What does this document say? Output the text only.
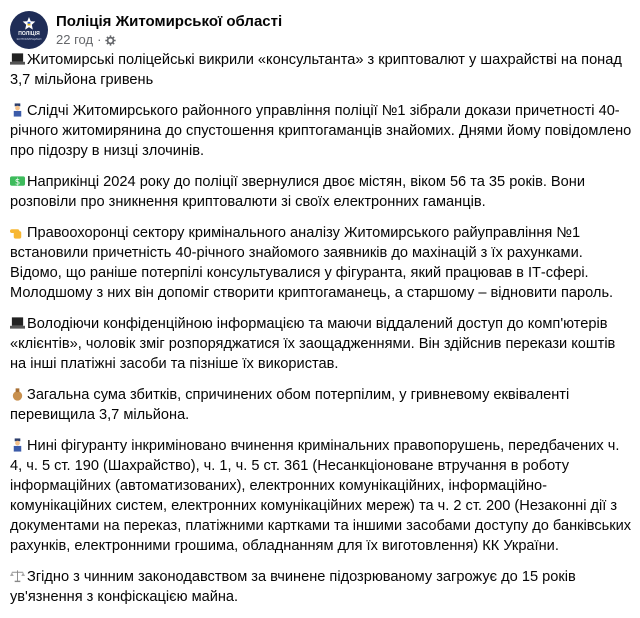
ПОЛІЦІЯ
ЖИТОМИРЩИНИ
Поліція Житомирської області
22 год ·

Житомирські поліцейські викрили «консультанта» з криптовалют у шахрайстві на понад 3,7 мільйона гривень

Слідчі Житомирського районного управління поліції №1 зібрали докази причетності 40-річного житомирянина до спустошення криптогаманців знайомих. Днями йому повідомлено про підозру в низці злочинів.

$ Наприкінці 2024 року до поліції звернулися двоє містян, віком 56 та 35 років. Вони розповіли про зникнення криптовалюти зі своїх електронних гаманців.

Правоохоронці сектору кримінального аналізу Житомирського райуправління №1 встановили причетність 40-річного знайомого заявників до махінацій з їх рахунками. Відомо, що раніше потерпілі консультувалися у фігуранта, який працював в ІТ-сфері. Молодшому з них він допоміг створити криптогаманець, а старшому – відновити пароль.

Володіючи конфіденційною інформацією та маючи віддалений доступ до комп'ютерів «клієнтів», чоловік зміг розпоряджатися їх заощадженнями. Він здійснив перекази коштів на інші платіжні засоби та пізніше їх використав.

Загальна сума збитків, спричинених обом потерпілим, у гривневому еквіваленті перевищила 3,7 мільйона.

Нині фігуранту інкриміновано вчинення кримінальних правопорушень, передбачених ч. 4, ч. 5 ст. 190 (Шахрайство), ч. 1, ч. 5 ст. 361 (Несанкціоноване втручання в роботу інформаційних (автоматизованих), електронних комунікаційних, інформаційно-комунікаційних систем, електронних комунікаційних мереж) та ч. 2 ст. 200 (Незаконні дії з документами на переказ, платіжними картками та іншими засобами доступу до банківських рахунків, електронними грошима, обладнанням для їх виготовлення) КК України.

Згідно з чинним законодавством за вчинене підозрюваному загрожує до 15 років ув'язнення з конфіскацією майна.
